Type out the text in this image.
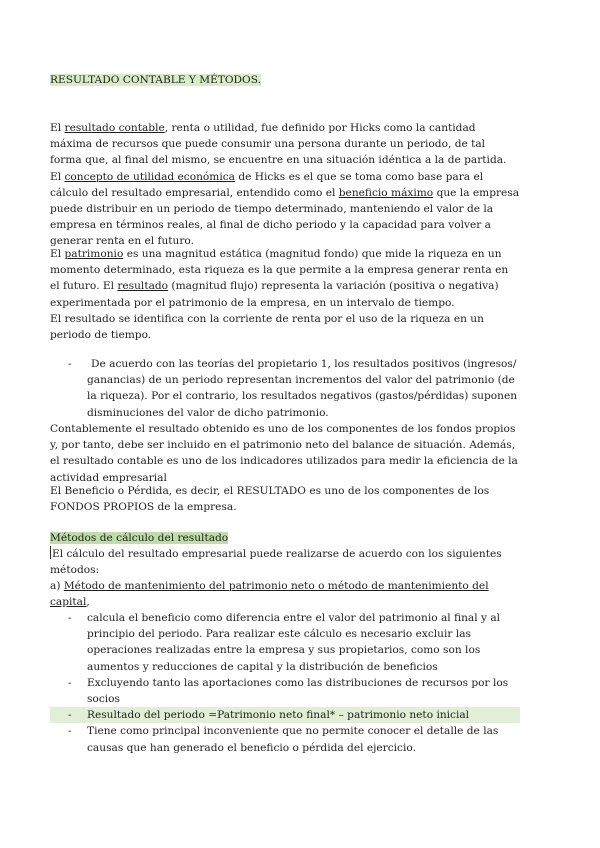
RESULTADO CONTABLE Y MÉTODOS.
El resultado contable, renta o utilidad, fue definido por Hicks como la cantidad máxima de recursos que puede consumir una persona durante un periodo, de tal forma que, al final del mismo, se encuentre en una situación idéntica a la de partida. El concepto de utilidad económica de Hicks es el que se toma como base para el cálculo del resultado empresarial, entendido como el beneficio máximo que la empresa puede distribuir en un periodo de tiempo determinado, manteniendo el valor de la empresa en términos reales, al final de dicho periodo y la capacidad para volver a generar renta en el futuro.
El patrimonio es una magnitud estática (magnitud fondo) que mide la riqueza en un momento determinado, esta riqueza es la que permite a la empresa generar renta en el futuro. El resultado (magnitud flujo) representa la variación (positiva o negativa) experimentada por el patrimonio de la empresa, en un intervalo de tiempo.
El resultado se identifica con la corriente de renta por el uso de la riqueza en un periodo de tiempo.
- De acuerdo con las teorías del propietario 1, los resultados positivos (ingresos/ ganancias) de un periodo representan incrementos del valor del patrimonio (de la riqueza). Por el contrario, los resultados negativos (gastos/pérdidas) suponen disminuciones del valor de dicho patrimonio.
Contablemente el resultado obtenido es uno de los componentes de los fondos propios y, por tanto, debe ser incluido en el patrimonio neto del balance de situación. Además, el resultado contable es uno de los indicadores utilizados para medir la eficiencia de la actividad empresarial
El Beneficio o Pérdida, es decir, el RESULTADO es uno de los componentes de los FONDOS PROPIOS de la empresa.
Métodos de cálculo del resultado
El cálculo del resultado empresarial puede realizarse de acuerdo con los siguientes métodos:
a) Método de mantenimiento del patrimonio neto o método de mantenimiento del capital,
- calcula el beneficio como diferencia entre el valor del patrimonio al final y al principio del periodo. Para realizar este cálculo es necesario excluir las operaciones realizadas entre la empresa y sus propietarios, como son los aumentos y reducciones de capital y la distribución de beneficios
- Excluyendo tanto las aportaciones como las distribuciones de recursos por los socios
- Resultado del periodo =Patrimonio neto final* – patrimonio neto inicial
- Tiene como principal inconveniente que no permite conocer el detalle de las causas que han generado el beneficio o pérdida del ejercicio.
